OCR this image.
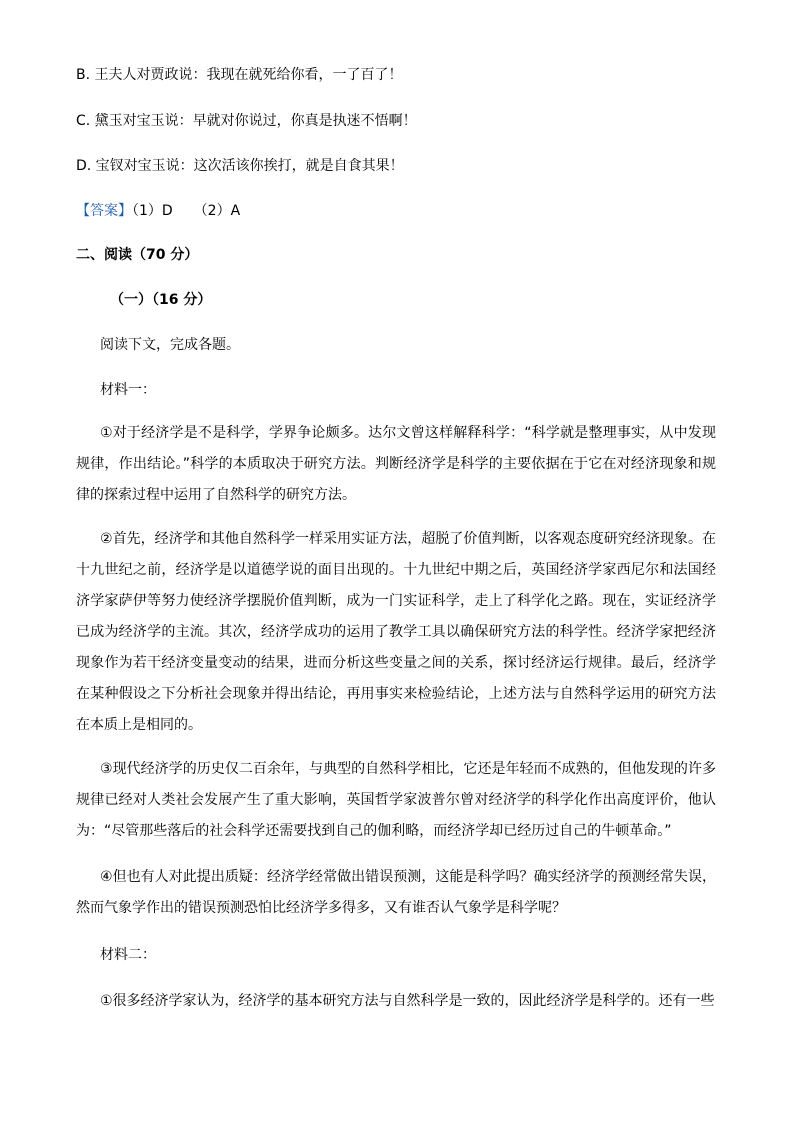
B. 王夫人对贾政说：我现在就死给你看，一了百了！
C. 黛玉对宝玉说：早就对你说过，你真是执迷不悟啊！
D. 宝钗对宝玉说：这次活该你挨打，就是自食其果！
【答案】（1）D　　（2）A
二、阅读（70 分）
（一）（16 分）
阅读下文，完成各题。
材料一：
①对于经济学是不是科学，学界争论颇多。达尔文曾这样解释科学：“科学就是整理事实，从中发现规律，作出结论。”科学的本质取决于研究方法。判断经济学是科学的主要依据在于它在对经济现象和规律的探索过程中运用了自然科学的研究方法。
②首先，经济学和其他自然科学一样采用实证方法，超脱了价值判断，以客观态度研究经济现象。在十九世纪之前，经济学是以道德学说的面目出现的。十九世纪中期之后，英国经济学家西尼尔和法国经济学家萨伊等努力使经济学摆脱价值判断，成为一门实证科学，走上了科学化之路。现在，实证经济学已成为经济学的主流。其次，经济学成功的运用了教学工具以确保研究方法的科学性。经济学家把经济现象作为若干经济变量变动的结果，进而分析这些变量之间的关系，探讨经济运行规律。最后，经济学在某种假设之下分析社会现象并得出结论，再用事实来检验结论，上述方法与自然科学运用的研究方法在本质上是相同的。
③现代经济学的历史仅二百余年，与典型的自然科学相比，它还是年轻而不成熟的，但他发现的许多规律已经对人类社会发展产生了重大影响，英国哲学家波普尔曾对经济学的科学化作出高度评价，他认为：“尽管那些落后的社会科学还需要找到自己的伽利略，而经济学却已经历过自己的牛顿革命。”
④但也有人对此提出质疑：经济学经常做出错误预测，这能是科学吗？确实经济学的预测经常失误，然而气象学作出的错误预测恐怕比经济学多得多，又有谁否认气象学是科学呢？
材料二：
①很多经济学家认为，经济学的基本研究方法与自然科学是一致的，因此经济学是科学的。还有一些
